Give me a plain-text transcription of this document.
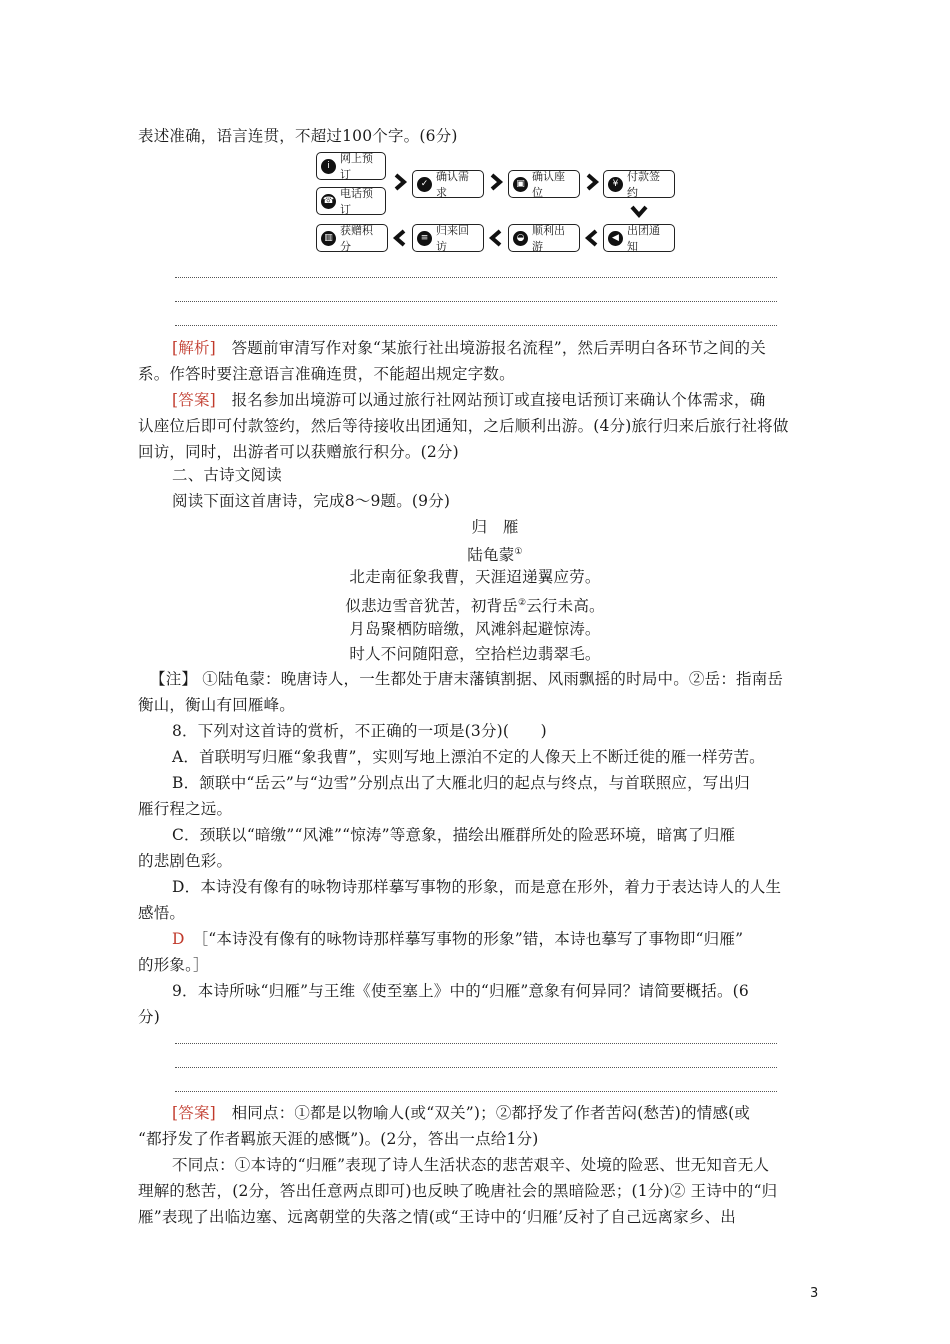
表述准确，语言连贯，不超过100个字。(6分)
i
网上预订
☎
电话预订
✓
确认需求
▣
确认座位
¥
付款签约
◀
出团通知
◒
顺利出游
≡
归来回访
▥
获赠积分
[解析]　 答题前审清写作对象“某旅行社出境游报名流程”，然后弄明白各环节之间的关
系。作答时要注意语言准确连贯，不能超出规定字数。
[答案]　 报名参加出境游可以通过旅行社网站预订或直接电话预订来确认个体需求，确
认座位后即可付款签约，然后等待接收出团通知，之后顺利出游。(4分)旅行归来后旅行社将做
回访，同时，出游者可以获赠旅行积分。(2分)
二、古诗文阅读
阅读下面这首唐诗，完成8～9题。(9分)
归　雁
陆龟蒙①
北走南征象我曹，天涯迢递翼应劳。
似悲边雪音犹苦，初背岳②云行未高。
月岛聚栖防暗缴，风滩斜起避惊涛。
时人不问随阳意，空拾栏边翡翠毛。
【注】 ①陆龟蒙：晚唐诗人，一生都处于唐末藩镇割据、风雨飘摇的时局中。②岳：指南岳
衡山，衡山有回雁峰。
8．下列对这首诗的赏析，不正确的一项是(3分)(　　)
A．首联明写归雁“象我曹”，实则写地上漂泊不定的人像天上不断迁徙的雁一样劳苦。
B．颔联中“岳云”与“边雪”分别点出了大雁北归的起点与终点，与首联照应，写出归
雁行程之远。
C．颈联以“暗缴”“风滩”“惊涛”等意象，描绘出雁群所处的险恶环境，暗寓了归雁
的悲剧色彩。
D．本诗没有像有的咏物诗那样摹写事物的形象，而是意在形外，着力于表达诗人的人生
感悟。
D　 ［“本诗没有像有的咏物诗那样摹写事物的形象”错，本诗也摹写了事物即“归雁”
的形象。］
9．本诗所咏“归雁”与王维《使至塞上》中的“归雁”意象有何异同？请简要概括。(6
分)
[答案]　 相同点：①都是以物喻人(或“双关”)；②都抒发了作者苦闷(愁苦)的情感(或
“都抒发了作者羁旅天涯的感慨”)。(2分，答出一点给1分)
不同点：①本诗的“归雁”表现了诗人生活状态的悲苦艰辛、处境的险恶、世无知音无人
理解的愁苦，(2分，答出任意两点即可)也反映了晚唐社会的黑暗险恶；(1分)② 王诗中的“归
雁”表现了出临边塞、远离朝堂的失落之情(或“王诗中的‘归雁’反衬了自己远离家乡、出
3
